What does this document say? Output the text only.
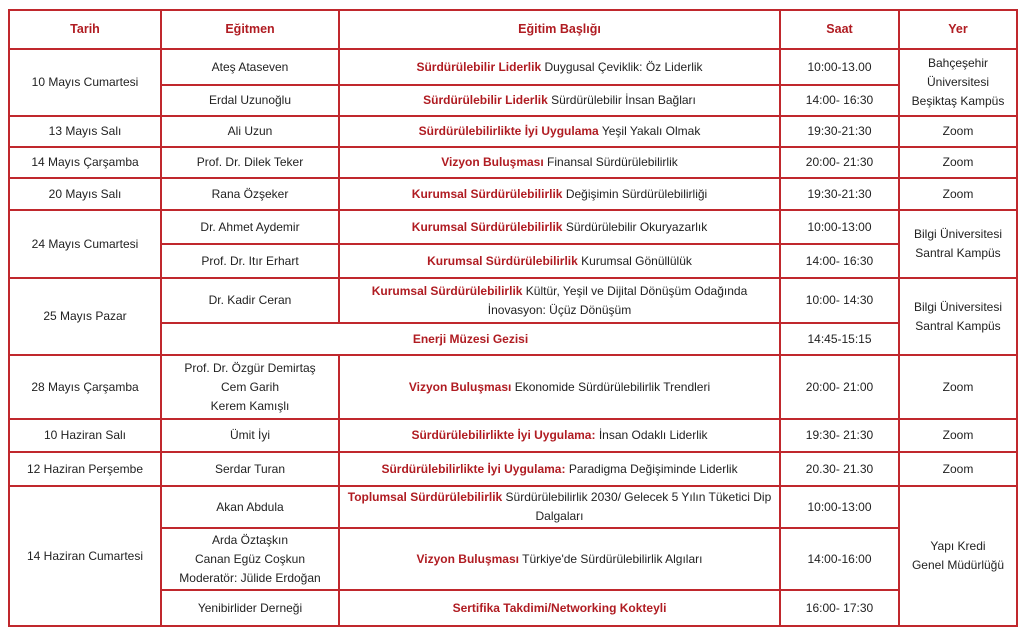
Tarih	Eğitmen	Eğitim Başlığı	Saat	Yer
10 Mayıs Cumartesi	Ateş Ataseven	Sürdürülebilir Liderlik Duygusal Çeviklik: Öz Liderlik	10:00-13.00	Bahçeşehir
Üniversitesi
Beşiktaş Kampüs

	Erdal Uzunoğlu	Sürdürülebilir Liderlik Sürdürülebilir İnsan Bağları	14:00- 16:30	
13 Mayıs Salı	Ali Uzun	Sürdürülebilirlikte İyi Uygulama Yeşil Yakalı Olmak	19:30-21:30	Zoom
14 Mayıs Çarşamba	Prof. Dr. Dilek Teker	Vizyon Buluşması Finansal Sürdürülebilirlik	20:00- 21:30	Zoom
20 Mayıs Salı	Rana Özşeker	Kurumsal Sürdürülebilirlik Değişimin Sürdürülebilirliği	19:30-21:30	Zoom
24 Mayıs Cumartesi	Dr. Ahmet Aydemir	Kurumsal Sürdürülebilirlik Sürdürülebilir Okuryazarlık	10:00-13:00	Bilgi Üniversitesi
Santral Kampüs

	Prof. Dr. Itır Erhart	Kurumsal Sürdürülebilirlik Kurumsal Gönüllülük	14:00- 16:30	
25 Mayıs Pazar	Dr. Kadir Ceran	Kurumsal Sürdürülebilirlik Kültür, Yeşil ve Dijital Dönüşüm Odağında İnovasyon: Üçüz Dönüşüm	10:00- 14:30	Bilgi Üniversitesi
Santral Kampüs

	Enerji Müzesi Gezisi		14:45-15:15	
28 Mayıs Çarşamba	Prof. Dr. Özgür Demirtaş
Cem Garih
Kerem Kamışlı	Vizyon Buluşması Ekonomide Sürdürülebilirlik Trendleri	20:00- 21:00	Zoom
10 Haziran Salı	Ümit İyi	Sürdürülebilirlikte İyi Uygulama: İnsan Odaklı Liderlik	19:30- 21:30	Zoom
12 Haziran Perşembe	Serdar Turan	Sürdürülebilirlikte İyi Uygulama: Paradigma Değişiminde Liderlik	20.30- 21.30	Zoom
14 Haziran Cumartesi	Akan Abdula	Toplumsal Sürdürülebilirlik Sürdürülebilirlik 2030/ Gelecek 5 Yılın Tüketici Dip Dalgaları	10:00-13:00	Yapı Kredi
Genel Müdürlüğü

	Arda Öztaşkın
Canan Egüz Coşkun
Moderatör: Jülide Erdoğan	Vizyon Buluşması Türkiye'de Sürdürülebilirlik Algıları	14:00-16:00	
	Yenibirlider Derneği	Sertifika Takdimi/Networking Kokteyli	16:00- 17:30	
